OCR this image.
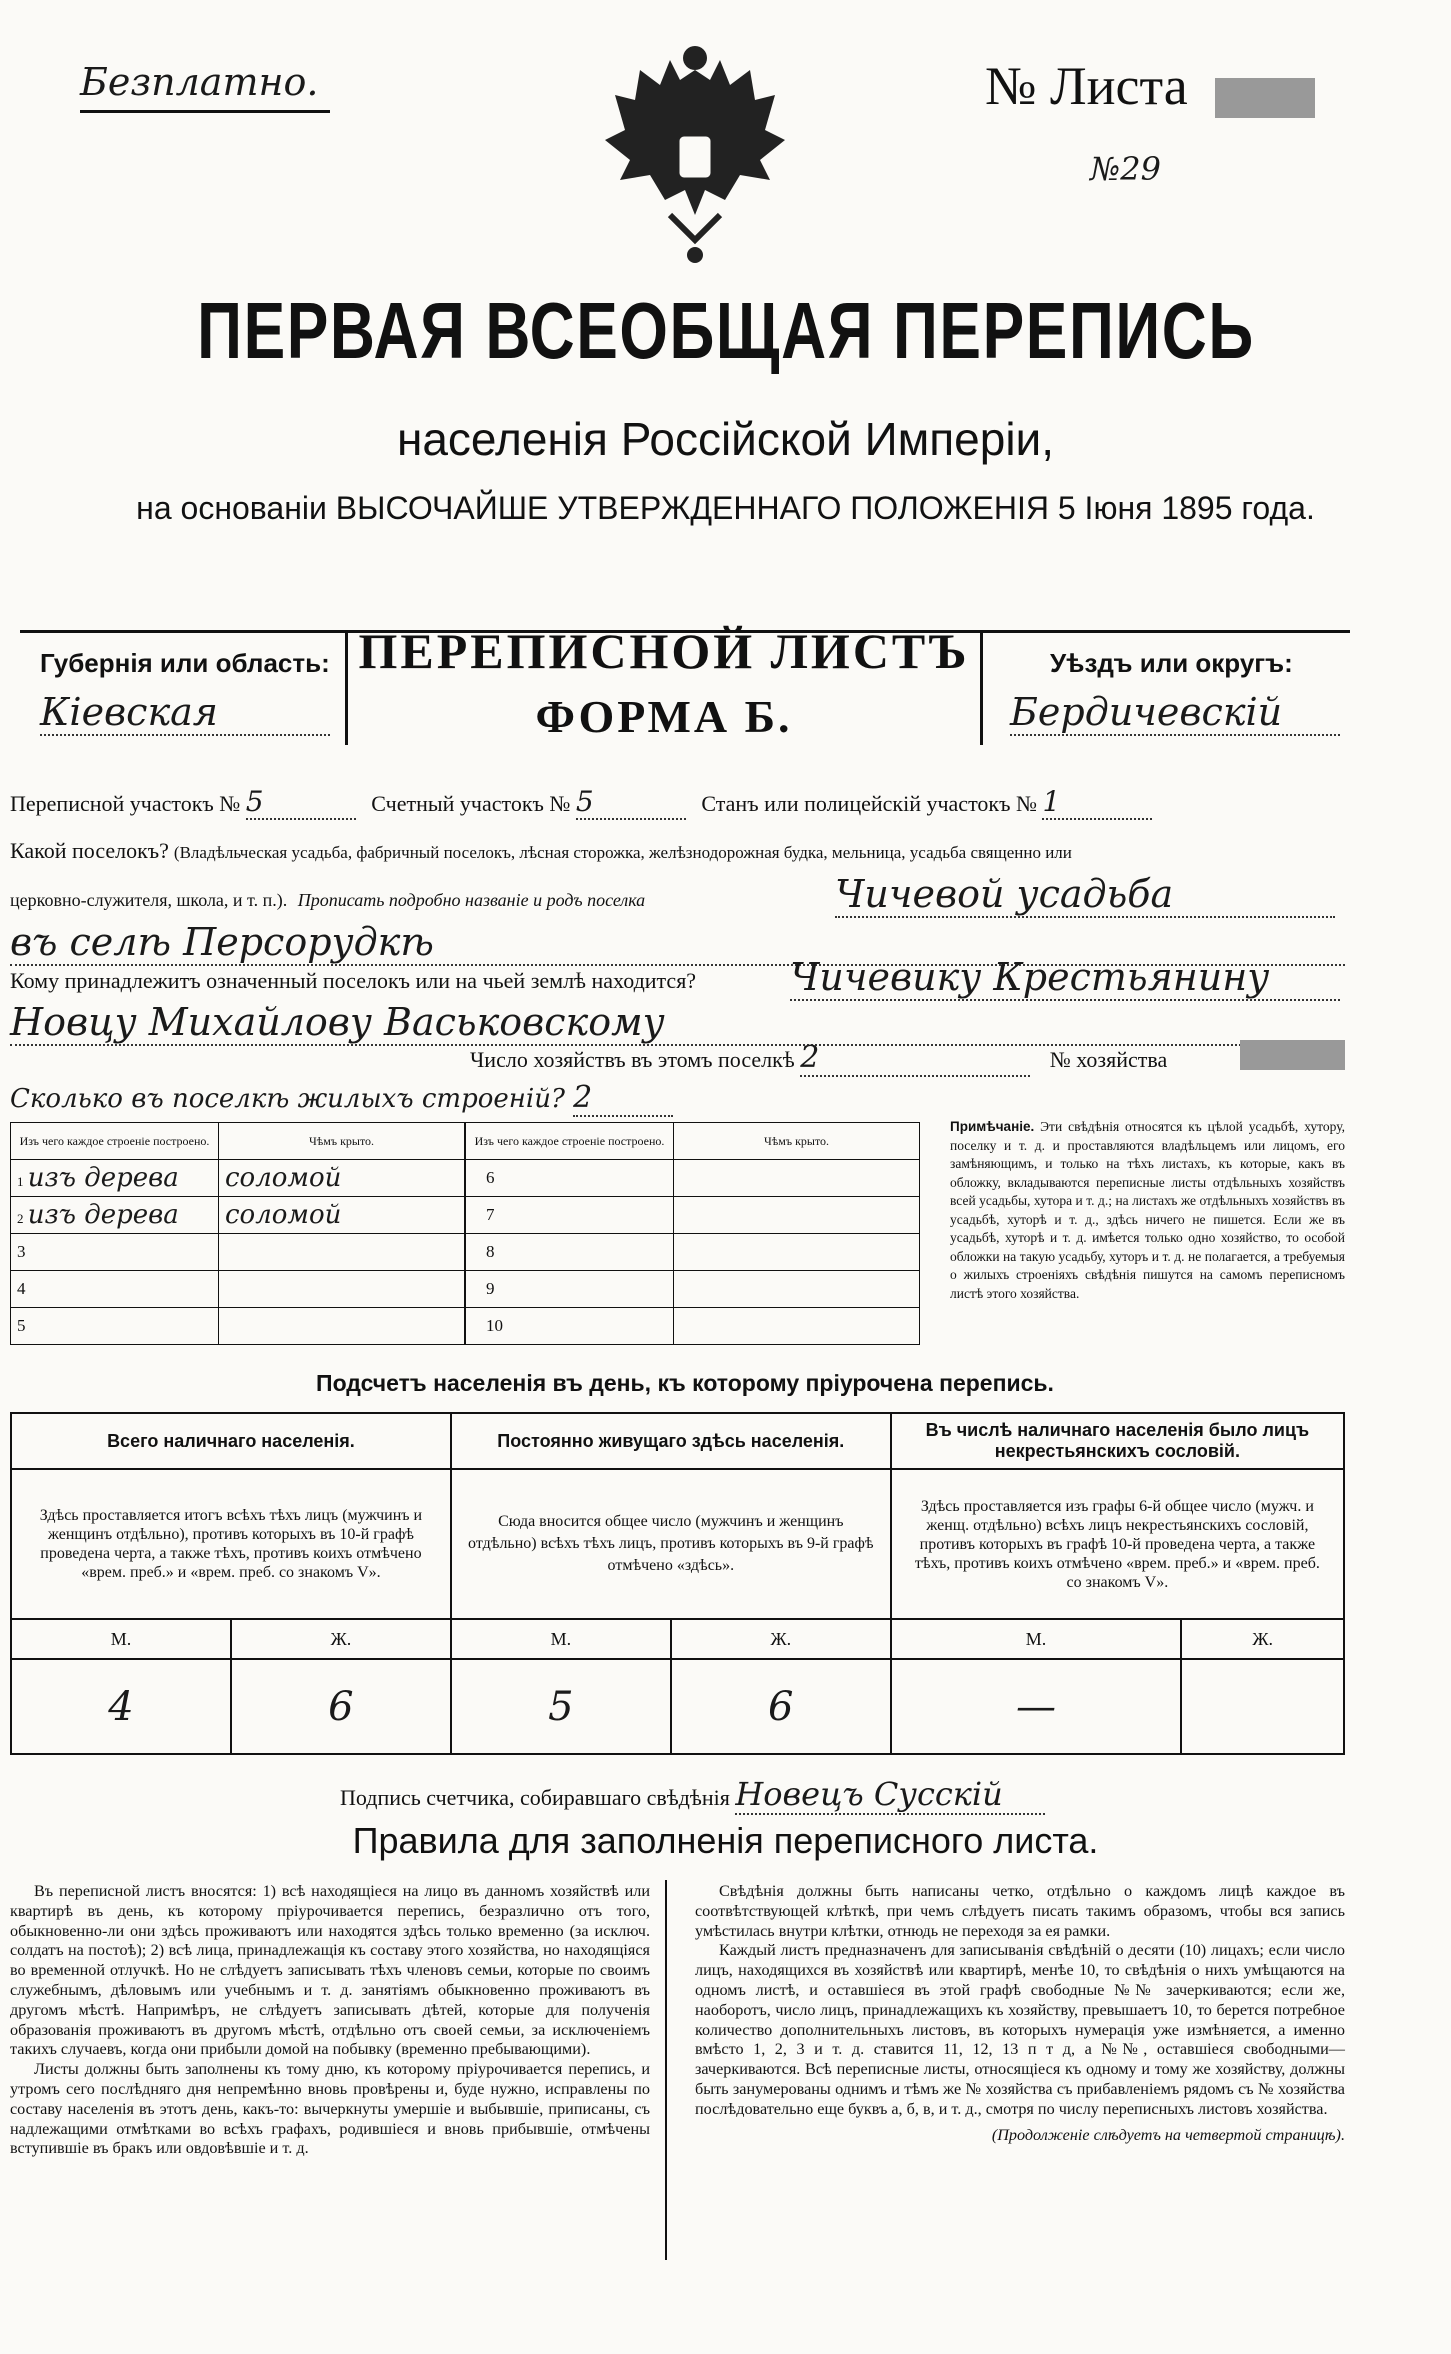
Безплатно.	№ Листа
№29
ПЕРВАЯ ВСЕОБЩАЯ ПЕРЕПИСЬ
населенія Россійской Имперіи,
на основаніи ВЫСОЧАЙШЕ УТВЕРЖДЕННАГО ПОЛОЖЕНІЯ 5 Іюня 1895 года.
Губернія или область:
Кіевская
ПЕРЕПИСНОЙ ЛИСТЪ
ФОРМА Б.
Уѣздъ или округъ:
Бердичевскій
Переписной участокъ № 5	Счетный участокъ № 5	Станъ или полицейскій участокъ № 1
Какой поселокъ? (Владѣльческая усадьба, фабричный поселокъ, лѣсная сторожка, желѣзнодорожная будка, мельница, усадьба священно или
церковно-служителя, школа, и т. п.). Прописать подробно названіе и родъ поселка	Чичевой усадьба
въ селѣ Персорудкѣ
Кому принадлежитъ означенный поселокъ или на чьей землѣ находится? Чичевику Крестьянину
Новцу Михайлову Васьковскому
Число хозяйствъ въ этомъ поселкѣ 2	№ хозяйства
Сколько въ поселкѣ жилыхъ строеній? 2
Изъ чего каждое строеніе построено.	Чѣмъ крыто.
1 изъ дерева	соломой
2 изъ дерева	соломой
3	
4	
5	
Изъ чего каждое строеніе построено.	Чѣмъ крыто.
6	
7	
8	
9	
10	
Примѣчаніе. Эти свѣдѣнія относятся къ цѣлой усадьбѣ, хутору, поселку и т. д. и проставляются владѣльцемъ или лицомъ, его замѣняющимъ, и только на тѣхъ листахъ, къ которые, какъ въ обложку, вкладываются переписные листы отдѣльныхъ хозяйствъ всей усадьбы, хутора и т. д.; на листахъ же отдѣльныхъ хозяйствъ въ усадьбѣ, хуторѣ и т. д., здѣсь ничего не пишется. Если же въ усадьбѣ, хуторѣ и т. д. имѣется только одно хозяйство, то особой обложки на такую усадьбу, хуторъ и т. д. не полагается, а требуемыя о жилыхъ строеніяхъ свѣдѣнія пишутся на самомъ переписномъ листѣ этого хозяйства.
Подсчетъ населенія въ день, къ которому пріурочена перепись.
Всего наличнаго населенія.		Постоянно живущаго здѣсь населенія.		Въ числѣ наличнаго населенія было лицъ некрестьянскихъ сословій.	
Здѣсь проставляется итогъ всѣхъ тѣхъ лицъ (мужчинъ и женщинъ отдѣльно), противъ которыхъ въ 10-й графѣ проведена черта, а также тѣхъ, противъ коихъ отмѣчено «врем. преб.» и «врем. преб. со знакомъ V».		Сюда вносится общее число (мужчинъ и женщинъ отдѣльно) всѣхъ тѣхъ лицъ, противъ которыхъ въ 9-й графѣ отмѣчено «здѣсь».		Здѣсь проставляется изъ графы 6-й общее число (мужч. и женщ. отдѣльно) всѣхъ лицъ некрестьянскихъ сословій, противъ которыхъ въ графѣ 10-й проведена черта, а также тѣхъ, противъ коихъ отмѣчено «врем. преб.» и «врем. преб. со знакомъ V».	
М.	Ж.	М.	Ж.	М.	Ж.
4	6	5	6	—	
Подпись счетчика, собиравшаго свѣдѣнія Новецъ Сусскій
Правила для заполненія переписного листа.

Въ переписной листъ вносятся: 1) всѣ находящіеся на лицо въ данномъ хозяйствѣ или квартирѣ въ день, къ которому пріурочивается перепись, безразлично отъ того, обыкновенно-ли они здѣсь проживаютъ или находятся здѣсь только временно (за исключ. солдатъ на постоѣ); 2) всѣ лица, принадлежащія къ составу этого хозяйства, но находящіяся во временной отлучкѣ. Но не слѣдуетъ записывать тѣхъ членовъ семьи, которые по своимъ служебнымъ, дѣловымъ или учебнымъ и т. д. занятіямъ обыкновенно проживаютъ въ другомъ мѣстѣ. Напримѣръ, не слѣдуетъ записывать дѣтей, которые для полученія образованія проживаютъ въ другомъ мѣстѣ, отдѣльно отъ своей семьи, за исключеніемъ такихъ случаевъ, когда они прибыли домой на побывку (временно пребывающими).

Листы должны быть заполнены къ тому дню, къ которому пріурочивается перепись, и утромъ сего послѣдняго дня непремѣнно вновь провѣрены и, буде нужно, исправлены по составу населенія въ этотъ день, какъ-то: вычеркнуты умершіе и выбывшіе, приписаны, съ надлежащими отмѣтками во всѣхъ графахъ, родившіеся и вновь прибывшіе, отмѣчены вступившіе въ бракъ или овдовѣвшіе и т. д.

Свѣдѣнія должны быть написаны четко, отдѣльно о каждомъ лицѣ каждое въ соотвѣтствующей клѣткѣ, при чемъ слѣдуетъ писать такимъ образомъ, чтобы вся запись умѣстилась внутри клѣтки, отнюдь не переходя за ея рамки.

Каждый листъ предназначенъ для записыванія свѣдѣній о десяти (10) лицахъ; если число лицъ, находящихся въ хозяйствѣ или квартирѣ, менѣе 10, то свѣдѣнія о нихъ умѣщаются на одномъ листѣ, и оставшіеся въ этой графѣ свободные №№ зачеркиваются; если же, наоборотъ, число лицъ, принадлежащихъ къ хозяйству, превышаетъ 10, то берется потребное количество дополнительныхъ листовъ, въ которыхъ нумерація уже измѣняется, а именно вмѣсто 1, 2, 3 и т. д. ставится 11, 12, 13 п т д, а №№, оставшіеся свободными—зачеркиваются. Всѣ переписные листы, относящіеся къ одному и тому же хозяйству, должны быть занумерованы однимъ и тѣмъ же № хозяйства съ прибавленіемъ рядомъ съ № хозяйства послѣдовательно еще буквъ а, б, в, и т. д., смотря по числу переписныхъ листовъ хозяйства.

(Продолженіе слѣдуетъ на четвертой страницѣ).
